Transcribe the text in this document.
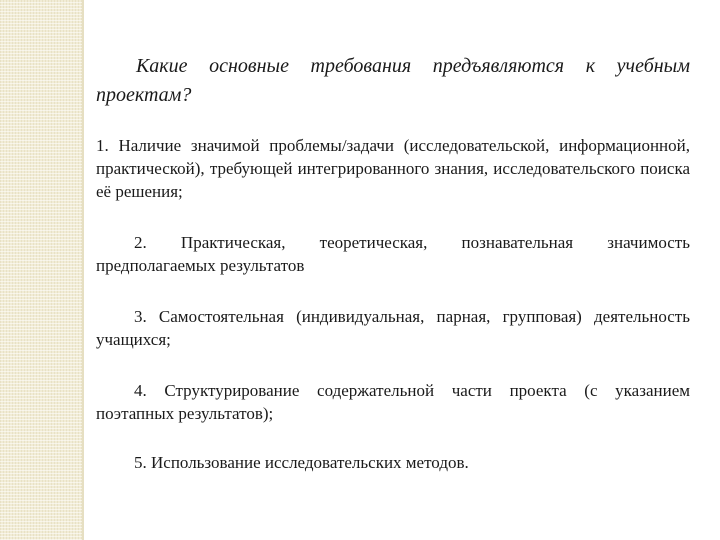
Какие основные требования предъявляются к учебным проектам?

1. Наличие значимой проблемы/задачи (исследовательской, информационной, практической), требующей интегрированного знания, исследовательского поиска её решения;

2. Практическая, теоретическая, познавательная значимость предполагаемых результатов

3. Самостоятельная (индивидуальная, парная, групповая) деятельность учащихся;

4. Структурирование содержательной части проекта (с указанием поэтапных результатов);

5. Использование исследовательских методов.
